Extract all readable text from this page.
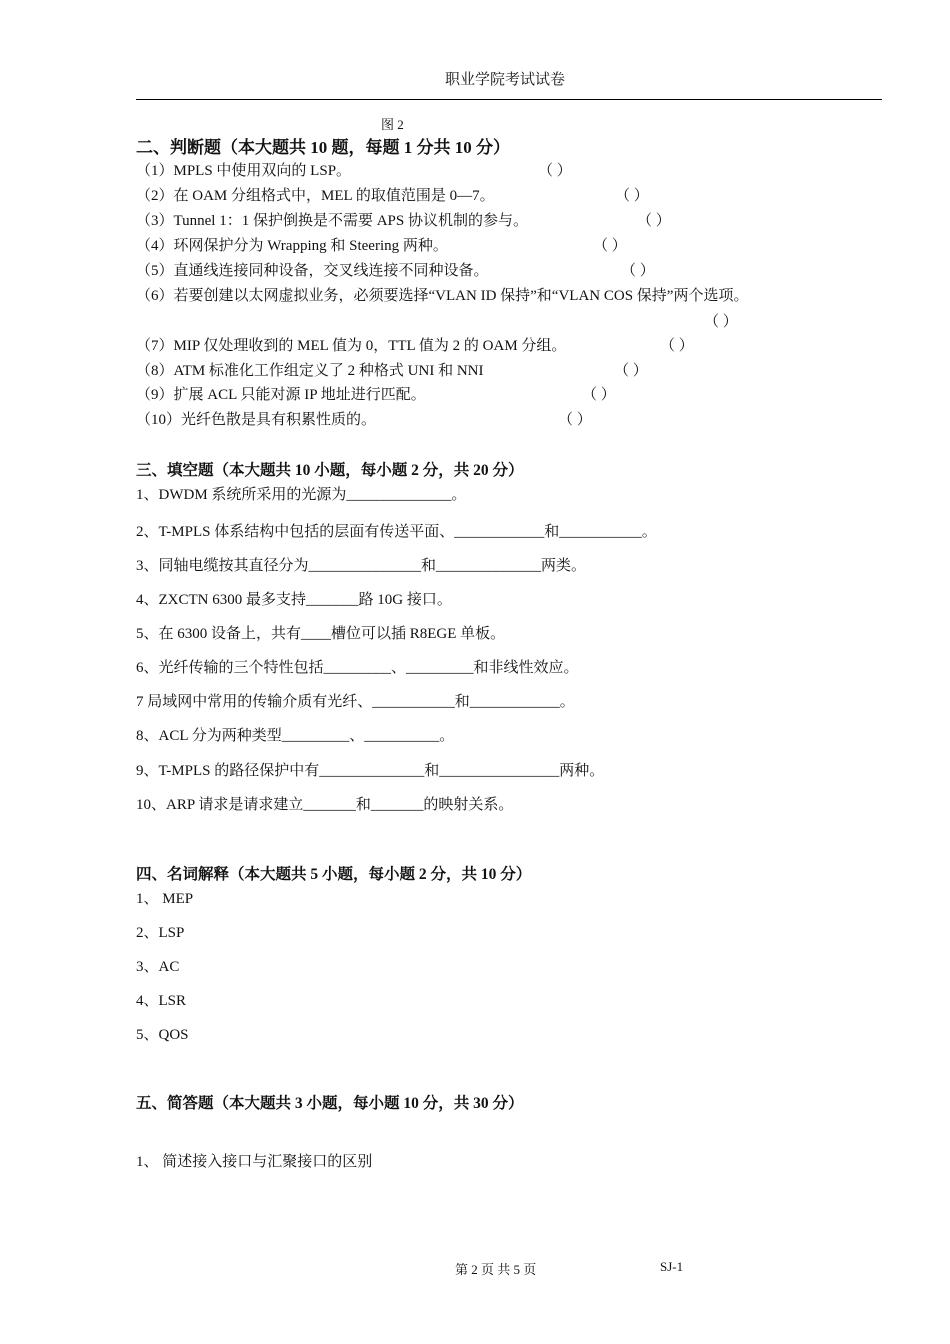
职业学院考试试卷
图 2
二、判断题（本大题共 10 题，每题 1 分共 10 分）
（1）MPLS 中使用双向的 LSP。	（ ）
（2）在 OAM 分组格式中，MEL 的取值范围是 0—7。	（ ）
（3）Tunnel 1：1 保护倒换是不需要 APS 协议机制的参与。	（ ）
（4）环网保护分为 Wrapping 和 Steering 两种。	（ ）
（5）直通线连接同种设备，交叉线连接不同种设备。	（ ）
（6）若要创建以太网虚拟业务，必须要选择“VLAN ID 保持”和“VLAN COS 保持”两个选项。
（ ）
（7）MIP 仅处理收到的 MEL 值为 0，TTL 值为 2 的 OAM 分组。	（ ）
（8）ATM 标准化工作组定义了 2 种格式 UNI 和 NNI	（ ）
（9）扩展 ACL 只能对源 IP 地址进行匹配。	（ ）
（10）光纤色散是具有积累性质的。	（ ）
三、填空题（本大题共 10 小题，每小题 2 分，共 20 分）
1、DWDM 系统所采用的光源为______________。
2、T-MPLS 体系结构中包括的层面有传送平面、____________和___________。
3、同轴电缆按其直径分为_______________和______________两类。
4、ZXCTN 6300 最多支持_______路 10G 接口。
5、在 6300 设备上，共有____槽位可以插 R8EGE 单板。
6、光纤传输的三个特性包括_________、_________和非线性效应。
7 局域网中常用的传输介质有光纤、___________和____________。
8、ACL 分为两种类型_________、__________。
9、T-MPLS 的路径保护中有______________和________________两种。
10、ARP 请求是请求建立_______和_______的映射关系。
四、名词解释（本大题共 5 小题，每小题 2 分，共 10 分）
1、 MEP
2、LSP
3、AC
4、LSR
5、QOS
五、简答题（本大题共 3 小题，每小题 10 分，共 30 分）
1、 简述接入接口与汇聚接口的区别
第 2 页 共 5 页	SJ-1
